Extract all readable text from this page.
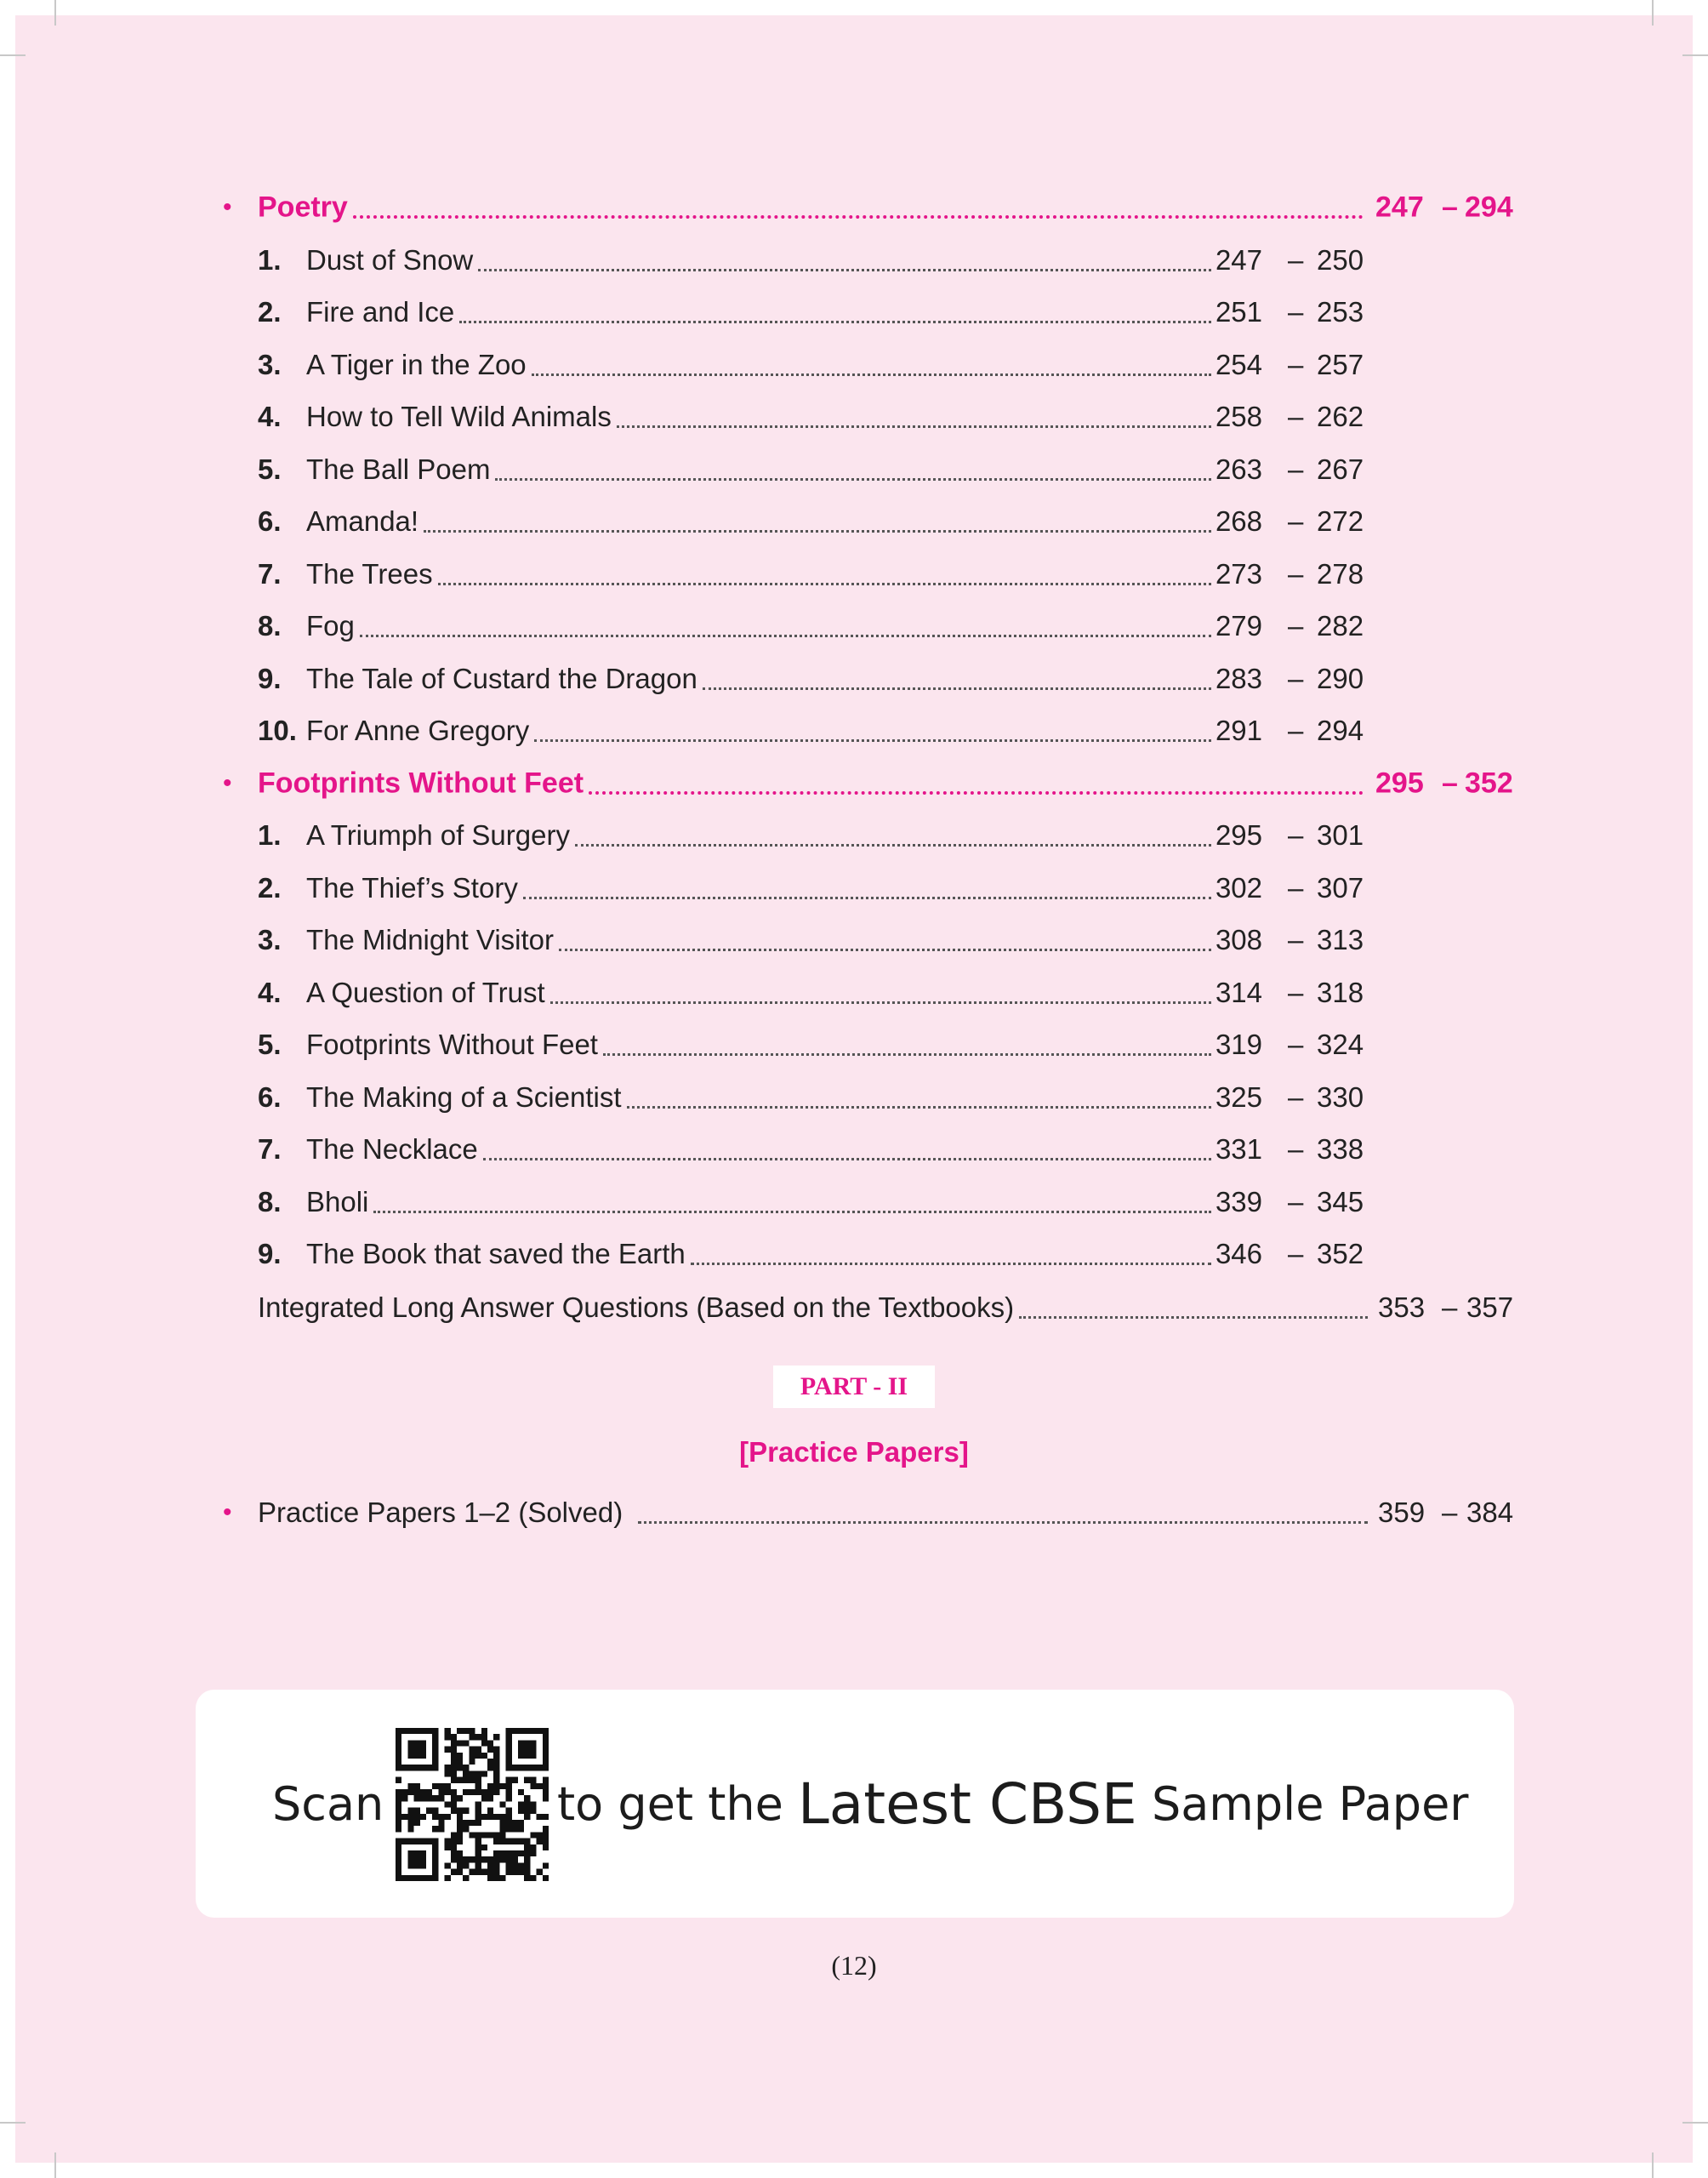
• Poetry	247 – 294
1. Dust of Snow	247 – 250
2. Fire and Ice	251 – 253
3. A Tiger in the Zoo	254 – 257
4. How to Tell Wild Animals	258 – 262
5. The Ball Poem	263 – 267
6. Amanda!	268 – 272
7. The Trees	273 – 278
8. Fog	279 – 282
9. The Tale of Custard the Dragon	283 – 290
10. For Anne Gregory	291 – 294
• Footprints Without Feet	295 – 352
1. A Triumph of Surgery	295 – 301
2. The Thief’s Story	302 – 307
3. The Midnight Visitor	308 – 313
4. A Question of Trust	314 – 318
5. Footprints Without Feet	319 – 324
6. The Making of a Scientist	325 – 330
7. The Necklace	331 – 338
8. Bholi	339 – 345
9. The Book that saved the Earth	346 – 352
Integrated Long Answer Questions (Based on the Textbooks)	353 – 357
• Practice Papers 1–2 (Solved)	359 – 384
PART - II
[Practice Papers]
Scan	to get the
Latest CBSE
Sample Paper
(12)
